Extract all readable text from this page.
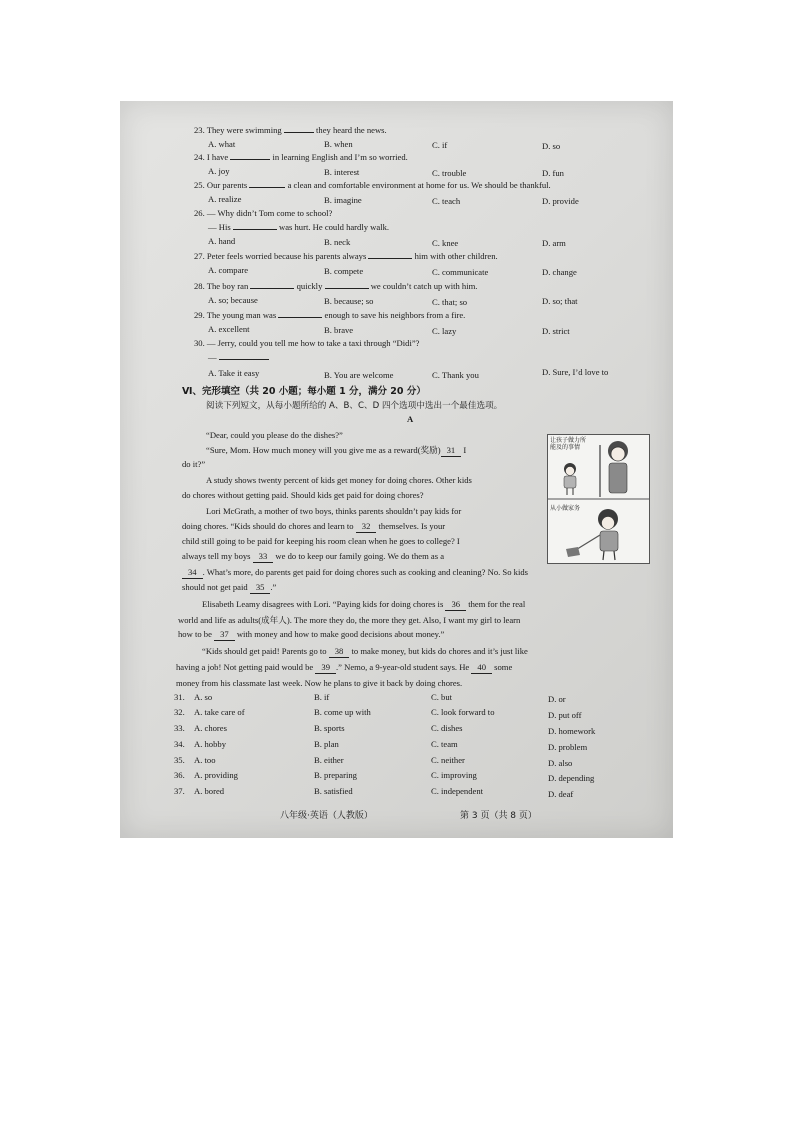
23. They were swimming	they heard the news.
A. what	B. when	C. if	D. so
24. I have	in learning English and I’m so worried.
A. joy	B. interest	C. trouble	D. fun
25. Our parents	a clean and comfortable environment at home for us. We should be thankful.
A. realize	B. imagine	C. teach	D. provide
26. — Why didn’t Tom come to school?
— His	was hurt. He could hardly walk.
A. hand	B. neck	C. knee	D. arm
27. Peter feels worried because his parents always	him with other children.
A. compare	B. compete	C. communicate	D. change
28. The boy ran	quickly	we couldn’t catch up with him.
A. so; because	B. because; so	C. that; so	D. so; that
29. The young man was	enough to save his neighbors from a fire.
A. excellent	B. brave	C. lazy	D. strict
30. — Jerry, could you tell me how to take a taxi through “Didi”?
—
A. Take it easy	B. You are welcome	C. Thank you	D. Sure, I’d love to
Ⅵ、完形填空（共 20 小题；每小题 1 分，满分 20 分）
阅读下列短文，从每小题所给的 A、B、C、D 四个选项中选出一个最佳选项。
A
“Dear, could you please do the dishes?”
“Sure, Mom. How much money will you give me as a reward(奖励) 31 I
do it?”
A study shows twenty percent of kids get money for doing chores. Other kids
do chores without getting paid. Should kids get paid for doing chores?
Lori McGrath, a mother of two boys, thinks parents shouldn’t pay kids for
doing chores. “Kids should do chores and learn to 32 themselves. Is your
child still going to be paid for keeping his room clean when he goes to college? I
always tell my boys 33 we do to keep our family going. We do them as a
34 . What’s more, do parents get paid for doing chores such as cooking and cleaning? No. So kids
should not get paid 35 .”
Elisabeth Leamy disagrees with Lori. “Paying kids for doing chores is 36 them for the real
world and life as adults(成年人). The more they do, the more they get. Also, I want my girl to learn
how to be 37 with money and how to make good decisions about money.”
“Kids should get paid! Parents go to 38 to make money, but kids do chores and it’s just like
having a job! Not getting paid would be 39 .” Nemo, a 9-year-old student says. He 40 some
money from his classmate last week. Now he plans to give it back by doing chores.
让孩子做力所能及的事情
从小做家务
31. A. so	B. if	C. but	D. or
32. A. take care of	B. come up with	C. look forward to	D. put off
33. A. chores	B. sports	C. dishes	D. homework
34. A. hobby	B. plan	C. team	D. problem
35. A. too	B. either	C. neither	D. also
36. A. providing	B. preparing	C. improving	D. depending
37. A. bored	B. satisfied	C. independent	D. deaf
八年级·英语（人教版）	第 3 页（共 8 页）
